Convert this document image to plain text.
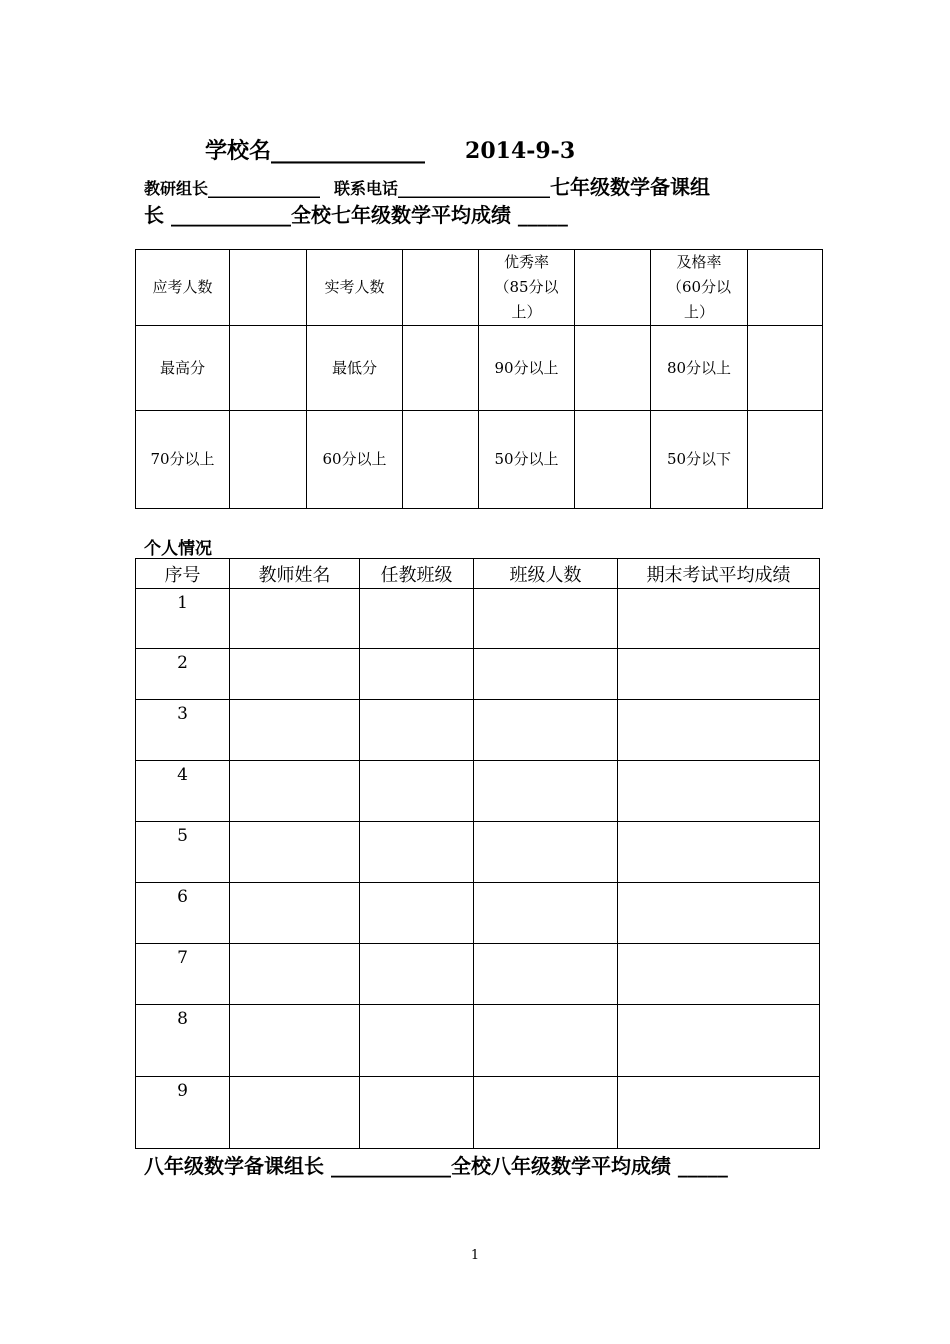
学校名______________ 2014-9-3
教研组长______________ 联系电话___________________七年级数学备课组
长 ____________全校七年级数学平均成绩 _____
应考人数		实考人数		优秀率（85分以上）		及格率（60分以上）	
最高分		最低分		90分以上		80分以上	
70分以上		60分以上		50分以上		50分以下	
个人情况
序号	教师姓名	任教班级	班级人数	期末考试平均成绩
1				
2				
3				
4				
5				
6				
7				
8				
9				
八年级数学备课组长 ____________全校八年级数学平均成绩 _____
1
